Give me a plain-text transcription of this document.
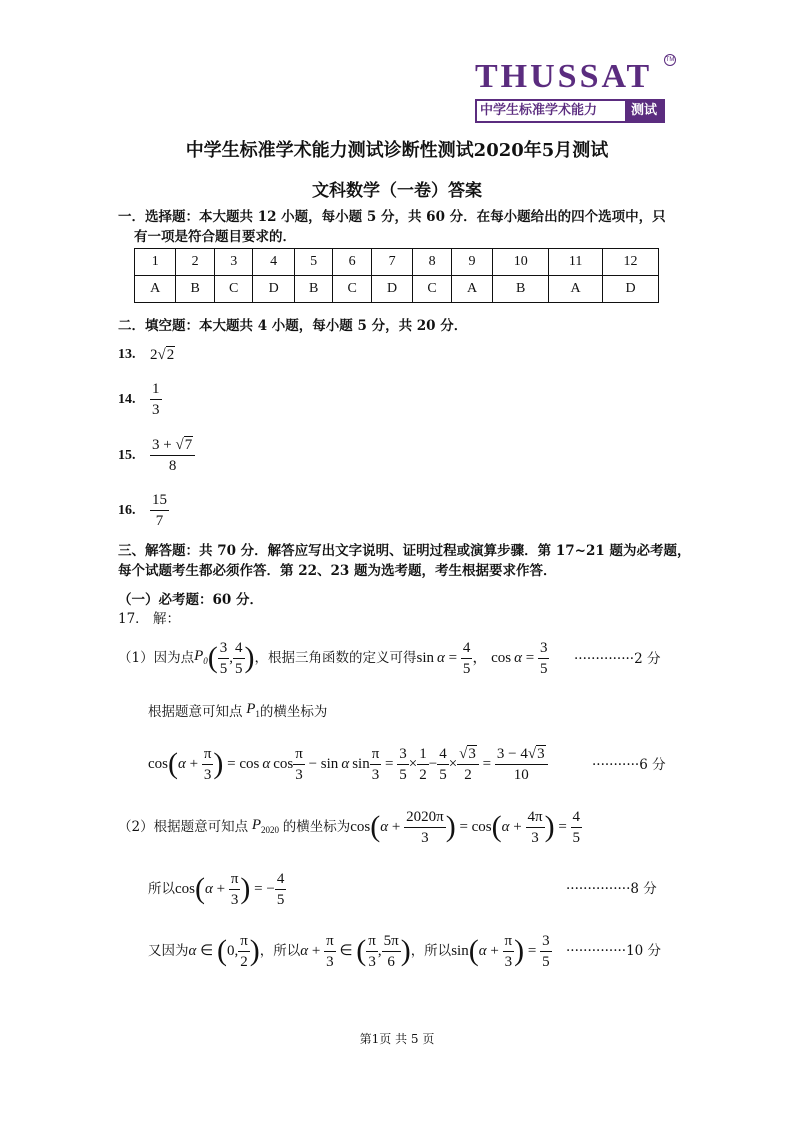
THUSSAT TM
中学生标准学术能力	测试
中学生标准学术能力测试诊断性测试2020年5月测试
文科数学（一卷）答案
一．选择题：本大题共 12 小题，每小题 5 分，共 60 分．在每小题给出的四个选项中，只
有一项是符合题目要求的．
1	2	3	4	5	6	7	8	9	10	11	12
A	B	C	D	B	C	D	C	A	B	A	D
二．填空题：本大题共 4 小题，每小题 5 分，共 20 分．
13. 2 √ 2
14. $\frac{1}{3}$
15. $\frac{3 + √7}{8}$
16. $\frac{15}{7}$
三、解答题：共 70 分．解答应写出文字说明、证明过程或演算步骤．第 17~21 题为必考题，
每个试题考生都必须作答．第 22、23 题为选考题，考生根据要求作答．
（一）必考题：60 分．
17． 解：
（1）因为点 $P_0$ ( $\frac{3}{5}$ , $\frac{4}{5}$ ) ，根据三角函数的定义可得 $\sin \alpha = \frac{4}{5}$ ， $\cos \alpha = \frac{3}{5} \cdot\cdot\cdot\cdot\cdot\cdot\cdot\cdot\cdot\cdot\cdot\cdot\cdot\cdot 2$ 分
根据题意可知点 $P_1$ 的横坐标为
cos ( $\alpha + \frac{\pi}{3}$ ) = cos α $\cos \frac{\pi}{3} - \sin \alpha$ $\sin \frac{\pi}{3} = \frac{3}{5} \times \frac{1}{2} - \frac{4}{5} \times \frac{√3}{2} = \frac{3 - 4√3}{10}$	···········6 分
（2）根据题意可知点 $P_{2020}$ 的横坐标为 cos ( $\alpha + \frac{2020\pi}{3}$ ) = cos ( $\alpha + \frac{4\pi}{3}$ ) = $\frac{4}{5}$
所以 cos ( $\alpha + \frac{\pi}{3}$ ) = − $\frac{4}{5}$	···············8 分
又因为 α ∈ ( 0, $\frac{\pi}{2}$ ) ，所以 $\alpha + \frac{\pi}{3}$ ∈ ( $\frac{\pi}{3}$ , $\frac{5\pi}{6}$ ) ，所以 sin ( $\alpha + \frac{\pi}{3}$ ) = $\frac{3}{5} \cdot\cdot\cdot\cdot\cdot\cdot\cdot\cdot\cdot\cdot\cdot\cdot\cdot\cdot 10$ 分
第1页 共 5 页
